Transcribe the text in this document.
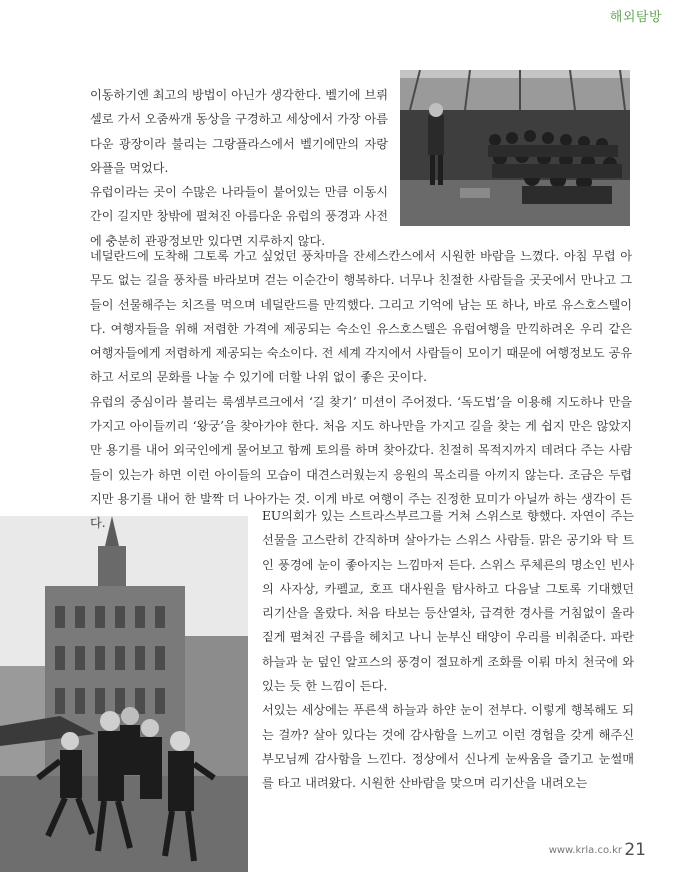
해외탐방

이동하기엔 최고의 방법이 아닌가 생각한다. 벨기에 브뤼셀로 가서 오줌싸개 동상을 구경하고 세상에서 가장 아름다운 광장이라 불리는 그랑플라스에서 벨기에만의 자랑 와플을 먹었다.

유럽이라는 곳이 수많은 나라들이 붙어있는 만큼 이동시간이 길지만 창밖에 펼쳐진 아름다운 유럽의 풍경과 사전에 충분히 관광정보만 있다면 지루하지 않다.

네덜란드에 도착해 그토록 가고 싶었던 풍차마을 잔세스칸스에서 시원한 바람을 느꼈다. 아침 무렵 아무도 없는 길을 풍차를 바라보며 걷는 이순간이 행복하다. 너무나 친절한 사람들을 곳곳에서 만나고 그들이 선물해주는 치즈를 먹으며 네덜란드를 만끽했다. 그리고 기억에 남는 또 하나, 바로 유스호스텔이다. 여행자들을 위해 저렴한 가격에 제공되는 숙소인 유스호스텔은 유럽여행을 만끽하려온 우리 같은 여행자들에게 저렴하게 제공되는 숙소이다. 전 세계 각지에서 사람들이 모이기 때문에 여행정보도 공유하고 서로의 문화를 나눌 수 있기에 더할 나위 없이 좋은 곳이다.

유럽의 중심이라 불리는 룩셈부르크에서 ‘길 찾기’ 미션이 주어졌다. ‘독도법’을 이용해 지도하나 만을 가지고 아이들끼리 ‘왕궁’을 찾아가야 한다. 처음 지도 하나만을 가지고 길을 찾는 게 쉽지 만은 않았지만 용기를 내어 외국인에게 물어보고 함께 토의를 하며 찾아갔다. 친절히 목적지까지 데려다 주는 사람들이 있는가 하면 이런 아이들의 모습이 대견스러웠는지 응원의 목소리를 아끼지 않는다. 조금은 두렵지만 용기를 내어 한 발짝 더 나아가는 것. 이게 바로 여행이 주는 진정한 묘미가 아닐까 하는 생각이 든다.

EU의회가 있는 스트라스부르그를 거쳐 스위스로 향했다. 자연이 주는 선물을 고스란히 간직하며 살아가는 스위스 사람들. 맑은 공기와 탁 트인 풍경에 눈이 좋아지는 느낌마저 든다. 스위스 루체른의 명소인 빈사의 사자상, 카펠교, 호프 대사원을 탐사하고 다음날 그토록 기대했던 리기산을 올랐다. 처음 타보는 등산열차, 급격한 경사를 거침없이 올라 짙게 펼쳐진 구름을 헤치고 나니 눈부신 태양이 우리를 비춰준다. 파란 하늘과 눈 덮인 알프스의 풍경이 절묘하게 조화를 이뤄 마치 천국에 와있는 듯 한 느낌이 든다.

서있는 세상에는 푸른색 하늘과 하얀 눈이 전부다. 이렇게 행복해도 되는 걸까? 살아 있다는 것에 감사함을 느끼고 이런 경험을 갖게 해주신 부모님께 감사함을 느낀다. 정상에서 신나게 눈싸움을 즐기고 눈썰매를 타고 내려왔다. 시원한 산바람을 맞으며 리기산을 내려오는

www.krla.co.kr 21
